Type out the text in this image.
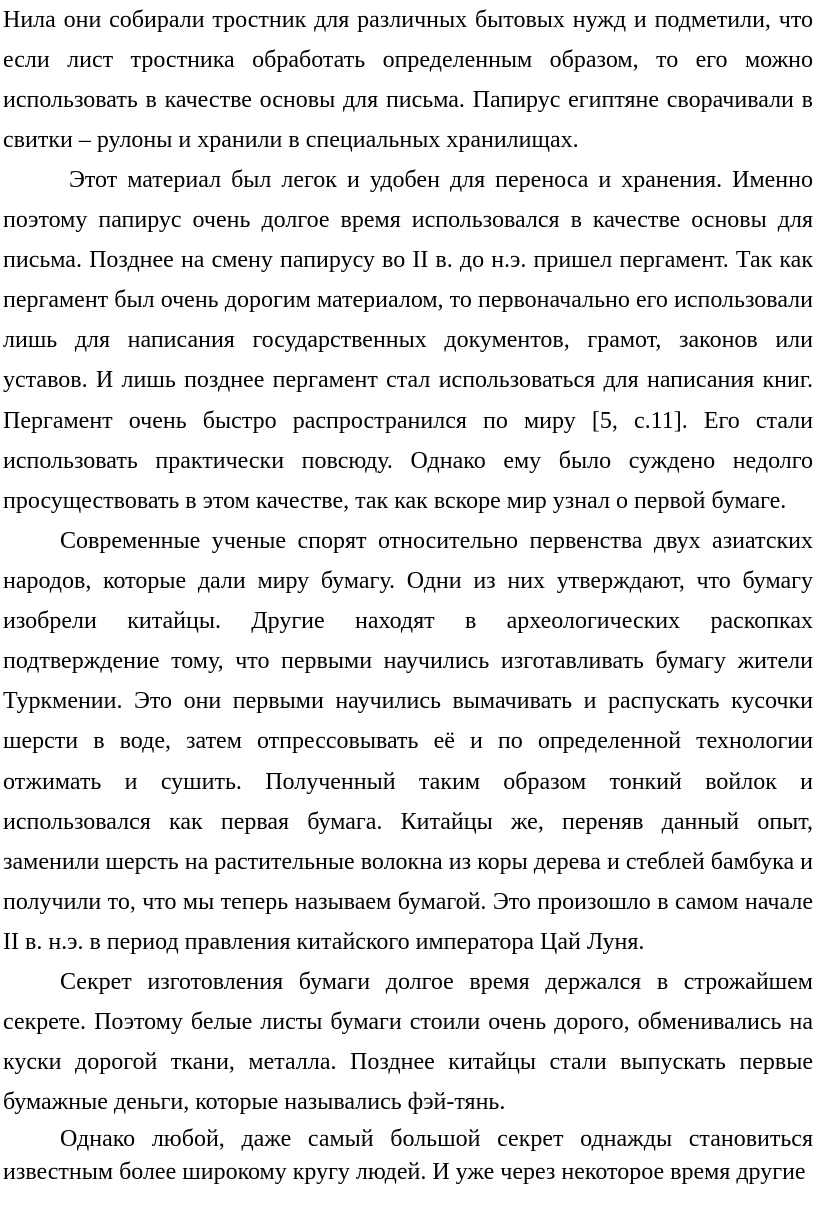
Нила они собирали тростник для различных бытовых нужд и подметили, что если лист тростника обработать определенным образом, то его можно использовать в качестве основы для письма. Папирус египтяне сворачивали в свитки – рулоны и хранили в специальных хранилищах.

Этот материал был легок и удобен для переноса и хранения. Именно поэтому папирус очень долгое время использовался в качестве основы для письма. Позднее на смену папирусу во II в. до н.э. пришел пергамент. Так как пергамент был очень дорогим материалом, то первоначально его использовали лишь для написания государственных документов, грамот, законов или уставов. И лишь позднее пергамент стал использоваться для написания книг. Пергамент очень быстро распространился по миру [5, с.11]. Его стали использовать практически повсюду. Однако ему было суждено недолго просуществовать в этом качестве, так как вскоре мир узнал о первой бумаге.

Современные ученые спорят относительно первенства двух азиатских народов, которые дали миру бумагу. Одни из них утверждают, что бумагу изобрели китайцы. Другие находят в археологических раскопках подтверждение тому, что первыми научились изготавливать бумагу жители Туркмении. Это они первыми научились вымачивать и распускать кусочки шерсти в воде, затем отпрессовывать её и по определенной технологии отжимать и сушить. Полученный таким образом тонкий войлок и использовался как первая бумага. Китайцы же, переняв данный опыт, заменили шерсть на растительные волокна из коры дерева и стеблей бамбука и получили то, что мы теперь называем бумагой. Это произошло в самом начале II в. н.э. в период правления китайского императора Цай Луня.

Секрет изготовления бумаги долгое время держался в строжайшем секрете. Поэтому белые листы бумаги стоили очень дорого, обменивались на куски дорогой ткани, металла. Позднее китайцы стали выпускать первые бумажные деньги, которые назывались фэй-тянь.

Однако любой, даже самый большой секрет однажды становиться известным более широкому кругу людей. И уже через некоторое время другие
